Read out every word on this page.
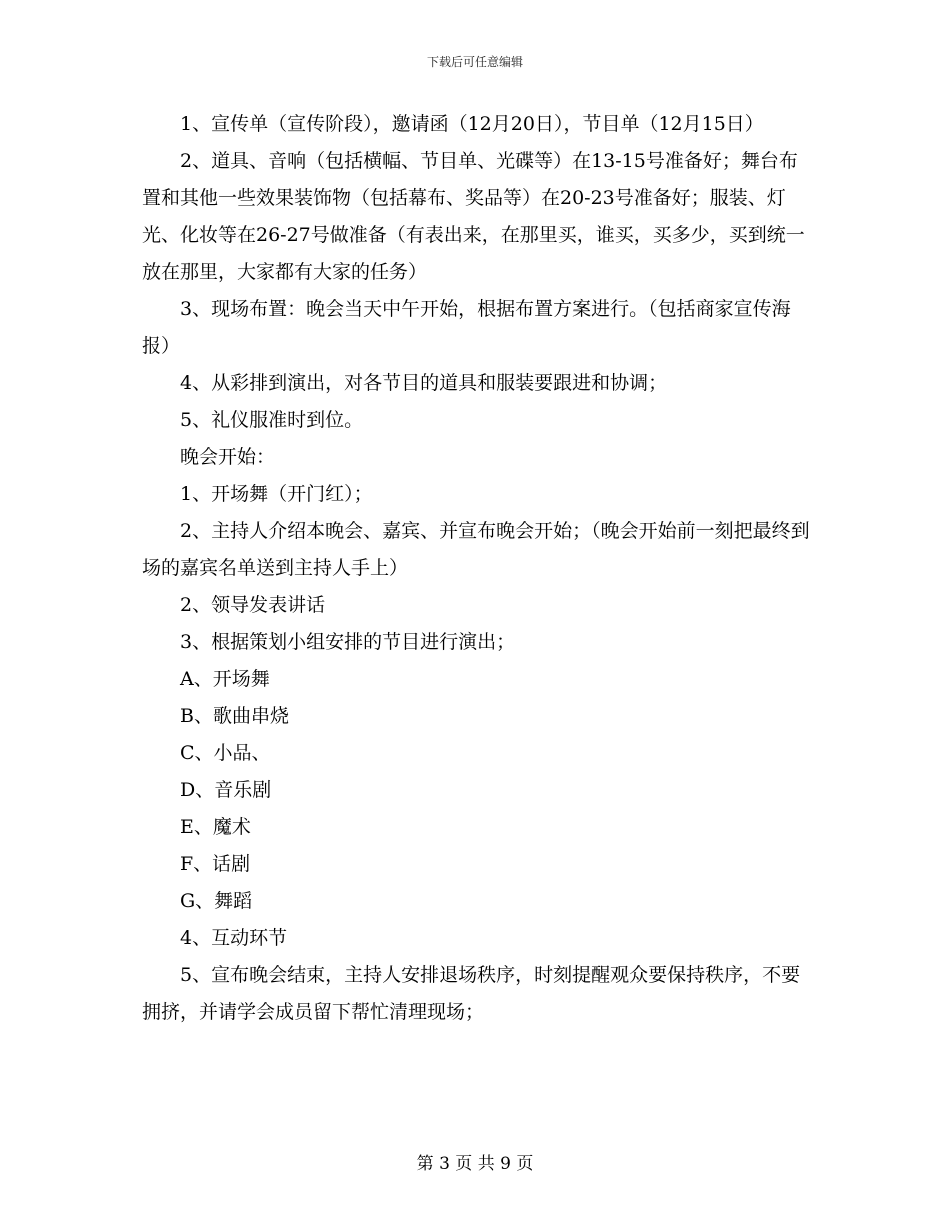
下载后可任意编辑

1、宣传单（宣传阶段），邀请函（12月20日），节目单（12月15日）

2、道具、音响（包括横幅、节目单、光碟等）在13-15号准备好；舞台布置和其他一些效果装饰物（包括幕布、奖品等）在20-23号准备好；服装、灯光、化妆等在26-27号做准备（有表出来，在那里买，谁买，买多少，买到统一放在那里，大家都有大家的任务）

3、现场布置：晚会当天中午开始，根据布置方案进行。（包括商家宣传海报）

4、从彩排到演出，对各节目的道具和服装要跟进和协调；

5、礼仪服准时到位。

晚会开始：

1、开场舞（开门红）；

2、主持人介绍本晚会、嘉宾、并宣布晚会开始；（晚会开始前一刻把最终到场的嘉宾名单送到主持人手上）

2、领导发表讲话

3、根据策划小组安排的节目进行演出；

A、开场舞

B、歌曲串烧

C、小品、

D、音乐剧

E、魔术

F、话剧

G、舞蹈

4、互动环节

5、宣布晚会结束，主持人安排退场秩序，时刻提醒观众要保持秩序，不要拥挤，并请学会成员留下帮忙清理现场；

第 3 页 共 9 页
